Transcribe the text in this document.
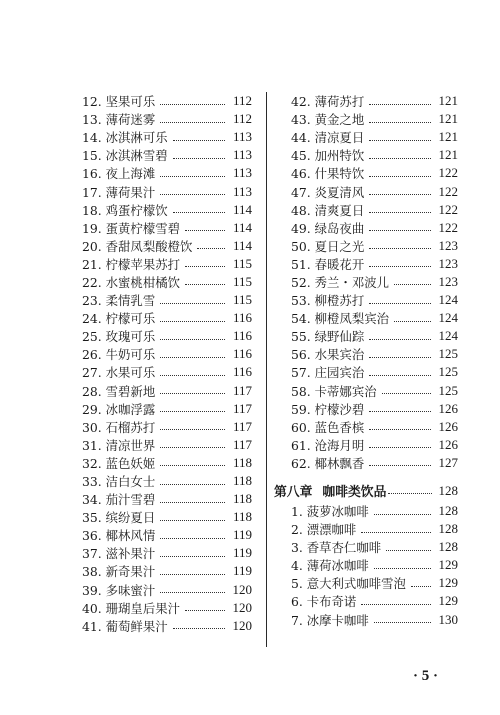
12. 坚果可乐	112
13. 薄荷迷雾	112
14. 冰淇淋可乐	113
15. 冰淇淋雪碧	113
16. 夜上海滩	113
17. 薄荷果汁	113
18. 鸡蛋柠檬饮	114
19. 蛋黄柠檬雪碧	114
20. 香甜凤梨酸橙饮	114
21. 柠檬苹果苏打	115
22. 水蜜桃柑橘饮	115
23. 柔情乳雪	115
24. 柠檬可乐	116
25. 玫瑰可乐	116
26. 牛奶可乐	116
27. 水果可乐	116
28. 雪碧新地	117
29. 冰咖浮露	117
30. 石榴苏打	117
31. 清凉世界	117
32. 蓝色妖姬	118
33. 洁白女士	118
34. 茄汁雪碧	118
35. 缤纷夏日	118
36. 椰林风情	119
37. 滋补果汁	119
38. 新奇果汁	119
39. 多味蜜汁	120
40. 珊瑚皇后果汁	120
41. 葡萄鲜果汁	120
42. 薄荷苏打	121
43. 黄金之地	121
44. 清凉夏日	121
45. 加州特饮	121
46. 什果特饮	122
47. 炎夏清风	122
48. 清爽夏日	122
49. 绿岛夜曲	122
50. 夏日之光	123
51. 春暖花开	123
52. 秀兰・邓波儿	123
53. 柳橙苏打	124
54. 柳橙凤梨宾治	124
55. 绿野仙踪	124
56. 水果宾治	125
57. 庄园宾治	125
58. 卡蒂娜宾治	125
59. 柠檬沙碧	126
60. 蓝色香槟	126
61. 沧海月明	126
62. 椰林飘香	127
第八章 咖啡类饮品	128
1. 菠萝冰咖啡	128
2. 漂漂咖啡	128
3. 香草杏仁咖啡	128
4. 薄荷冰咖啡	129
5. 意大利式咖啡雪泡	129
6. 卡布奇诺	129
7. 冰摩卡咖啡	130
· 5 ·
